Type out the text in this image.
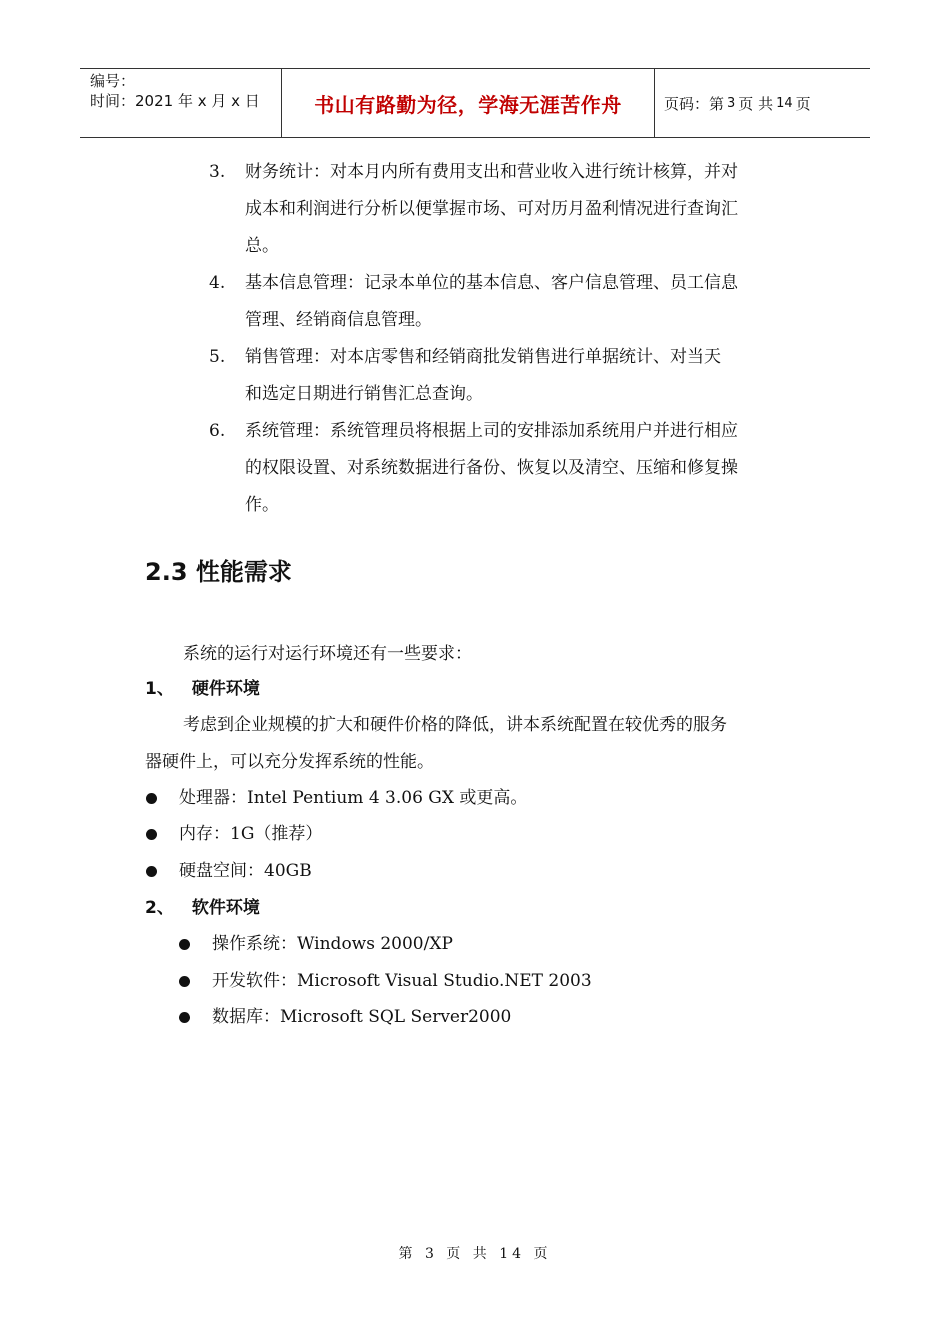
编号：
时间：2021 年 x 月 x 日	书山有路勤为径，学海无涯苦作舟	页码：第 3 页 共 14 页
3. 财务统计：对本月内所有费用支出和营业收入进行统计核算，并对
成本和利润进行分析以便掌握市场、可对历月盈利情况进行查询汇
总。
4. 基本信息管理：记录本单位的基本信息、客户信息管理、员工信息
管理、经销商信息管理。
5. 销售管理：对本店零售和经销商批发销售进行单据统计、对当天
和选定日期进行销售汇总查询。
6. 系统管理：系统管理员将根据上司的安排添加系统用户并进行相应
的权限设置、对系统数据进行备份、恢复以及清空、压缩和修复操
作。
2.3 性能需求
系统的运行对运行环境还有一些要求：
1、 硬件环境
考虑到企业规模的扩大和硬件价格的降低，讲本系统配置在较优秀的服务
器硬件上，可以充分发挥系统的性能。
处理器：Intel Pentium 4 3.06 GX 或更高。
内存：1G（推荐）
硬盘空间：40GB
2、 软件环境
操作系统：Windows 2000/XP
开发软件：Microsoft Visual Studio.NET 2003
数据库：Microsoft SQL Server2000
第 3 页 共 14 页
